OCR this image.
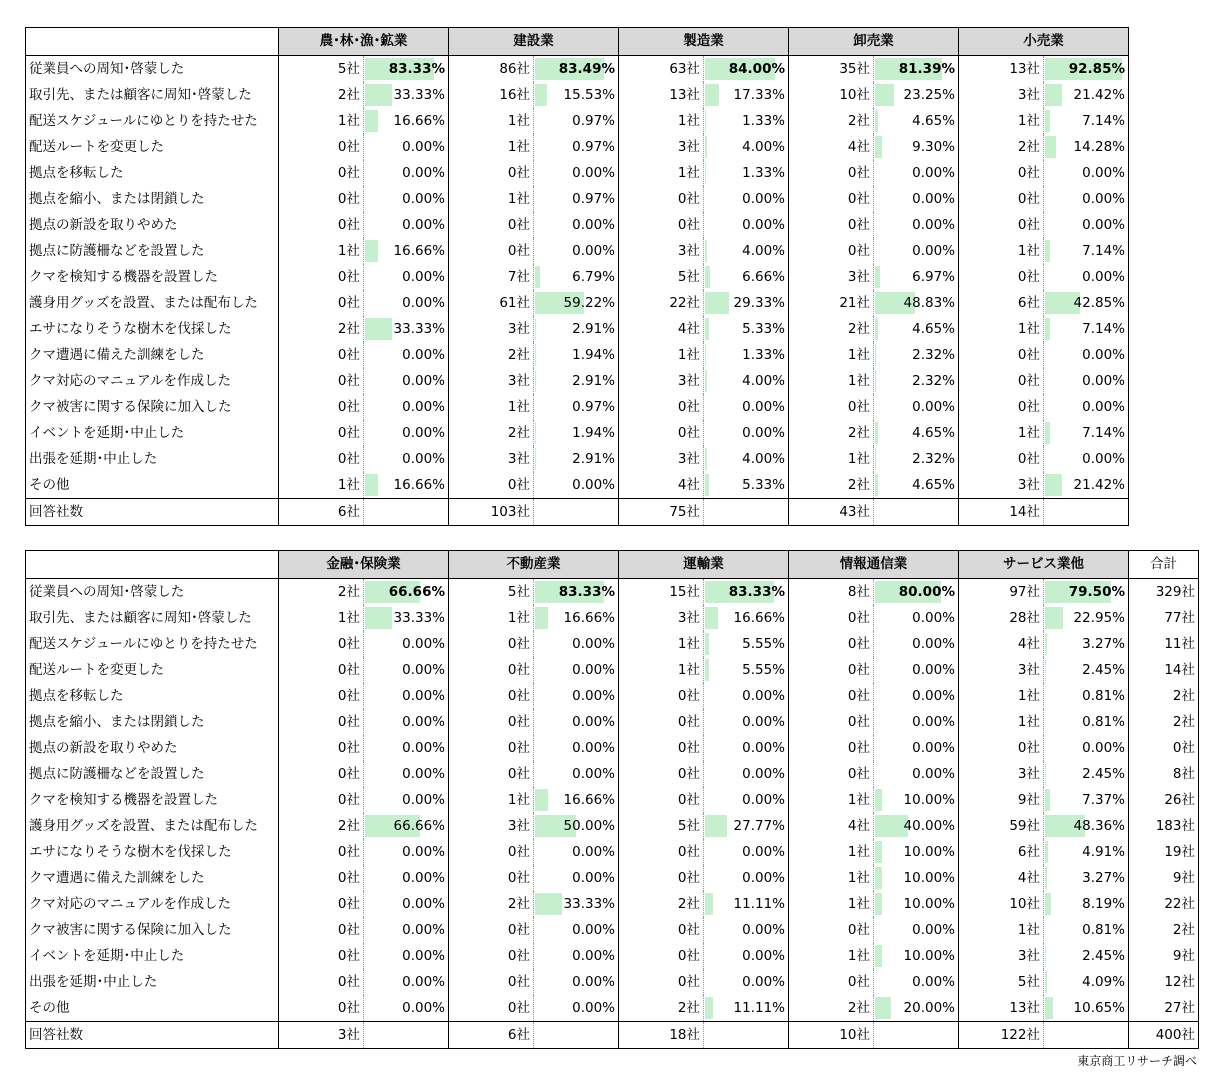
	農･林･漁･鉱業		建設業		製造業		卸売業		小売業	
従業員への周知･啓蒙した	5社	83.33%	86社	83.49%	63社	84.00%	35社	81.39%	13社	92.85%
取引先、または顧客に周知･啓蒙した	2社	33.33%	16社	15.53%	13社	17.33%	10社	23.25%	3社	21.42%
配送スケジュールにゆとりを持たせた	1社	16.66%	1社	0.97%	1社	1.33%	2社	4.65%	1社	7.14%
配送ルートを変更した	0社	0.00%	1社	0.97%	3社	4.00%	4社	9.30%	2社	14.28%
拠点を移転した	0社	0.00%	0社	0.00%	1社	1.33%	0社	0.00%	0社	0.00%
拠点を縮小、または閉鎖した	0社	0.00%	1社	0.97%	0社	0.00%	0社	0.00%	0社	0.00%
拠点の新設を取りやめた	0社	0.00%	0社	0.00%	0社	0.00%	0社	0.00%	0社	0.00%
拠点に防護柵などを設置した	1社	16.66%	0社	0.00%	3社	4.00%	0社	0.00%	1社	7.14%
クマを検知する機器を設置した	0社	0.00%	7社	6.79%	5社	6.66%	3社	6.97%	0社	0.00%
護身用グッズを設置、または配布した	0社	0.00%	61社	59.22%	22社	29.33%	21社	48.83%	6社	42.85%
エサになりそうな樹木を伐採した	2社	33.33%	3社	2.91%	4社	5.33%	2社	4.65%	1社	7.14%
クマ遭遇に備えた訓練をした	0社	0.00%	2社	1.94%	1社	1.33%	1社	2.32%	0社	0.00%
クマ対応のマニュアルを作成した	0社	0.00%	3社	2.91%	3社	4.00%	1社	2.32%	0社	0.00%
クマ被害に関する保険に加入した	0社	0.00%	1社	0.97%	0社	0.00%	0社	0.00%	0社	0.00%
イベントを延期･中止した	0社	0.00%	2社	1.94%	0社	0.00%	2社	4.65%	1社	7.14%
出張を延期･中止した	0社	0.00%	3社	2.91%	3社	4.00%	1社	2.32%	0社	0.00%
その他	1社	16.66%	0社	0.00%	4社	5.33%	2社	4.65%	3社	21.42%
回答社数	6社		103社		75社		43社		14社	
	金融･保険業		不動産業		運輸業		情報通信業		サービス業他		合計
従業員への周知･啓蒙した	2社	66.66%	5社	83.33%	15社	83.33%	8社	80.00%	97社	79.50%	329社
取引先、または顧客に周知･啓蒙した	1社	33.33%	1社	16.66%	3社	16.66%	0社	0.00%	28社	22.95%	77社
配送スケジュールにゆとりを持たせた	0社	0.00%	0社	0.00%	1社	5.55%	0社	0.00%	4社	3.27%	11社
配送ルートを変更した	0社	0.00%	0社	0.00%	1社	5.55%	0社	0.00%	3社	2.45%	14社
拠点を移転した	0社	0.00%	0社	0.00%	0社	0.00%	0社	0.00%	1社	0.81%	2社
拠点を縮小、または閉鎖した	0社	0.00%	0社	0.00%	0社	0.00%	0社	0.00%	1社	0.81%	2社
拠点の新設を取りやめた	0社	0.00%	0社	0.00%	0社	0.00%	0社	0.00%	0社	0.00%	0社
拠点に防護柵などを設置した	0社	0.00%	0社	0.00%	0社	0.00%	0社	0.00%	3社	2.45%	8社
クマを検知する機器を設置した	0社	0.00%	1社	16.66%	0社	0.00%	1社	10.00%	9社	7.37%	26社
護身用グッズを設置、または配布した	2社	66.66%	3社	50.00%	5社	27.77%	4社	40.00%	59社	48.36%	183社
エサになりそうな樹木を伐採した	0社	0.00%	0社	0.00%	0社	0.00%	1社	10.00%	6社	4.91%	19社
クマ遭遇に備えた訓練をした	0社	0.00%	0社	0.00%	0社	0.00%	1社	10.00%	4社	3.27%	9社
クマ対応のマニュアルを作成した	0社	0.00%	2社	33.33%	2社	11.11%	1社	10.00%	10社	8.19%	22社
クマ被害に関する保険に加入した	0社	0.00%	0社	0.00%	0社	0.00%	0社	0.00%	1社	0.81%	2社
イベントを延期･中止した	0社	0.00%	0社	0.00%	0社	0.00%	1社	10.00%	3社	2.45%	9社
出張を延期･中止した	0社	0.00%	0社	0.00%	0社	0.00%	0社	0.00%	5社	4.09%	12社
その他	0社	0.00%	0社	0.00%	2社	11.11%	2社	20.00%	13社	10.65%	27社
回答社数	3社		6社		18社		10社		122社		400社
東京商工リサーチ調べ
